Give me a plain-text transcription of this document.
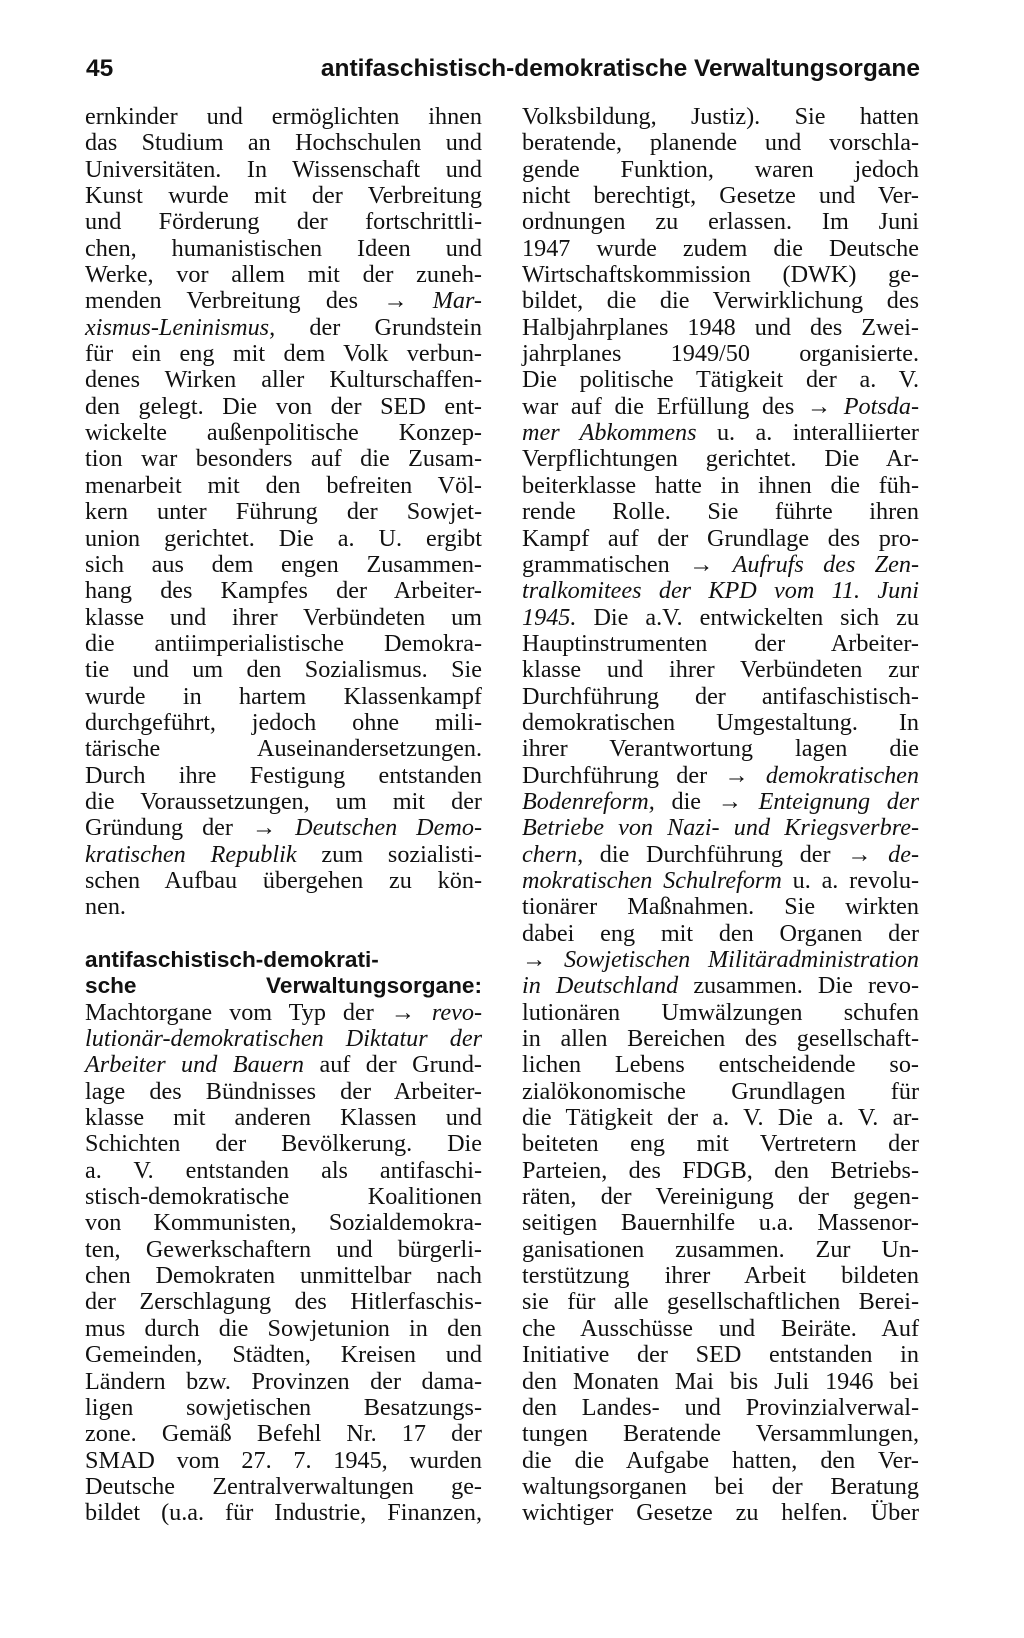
45	antifaschistisch-demokratische Verwaltungsorgane
ernkinder und ermöglichten ihnen
das Studium an Hochschulen und
Universitäten. In Wissenschaft und
Kunst wurde mit der Verbreitung
und Förderung der fortschrittli-
chen, humanistischen Ideen und
Werke, vor allem mit der zuneh-
menden Verbreitung des → Mar-
xismus-Leninismus, der Grundstein
für ein eng mit dem Volk verbun-
denes Wirken aller Kulturschaffen-
den gelegt. Die von der SED ent-
wickelte außenpolitische Konzep-
tion war besonders auf die Zusam-
menarbeit mit den befreiten Völ-
kern unter Führung der Sowjet-
union gerichtet. Die a. U. ergibt
sich aus dem engen Zusammen-
hang des Kampfes der Arbeiter-
klasse und ihrer Verbündeten um
die antiimperialistische Demokra-
tie und um den Sozialismus. Sie
wurde in hartem Klassenkampf
durchgeführt, jedoch ohne mili-
tärische Auseinandersetzungen.
Durch ihre Festigung entstanden
die Voraussetzungen, um mit der
Gründung der → Deutschen Demo-
kratischen Republik zum sozialisti-
schen Aufbau übergehen zu kön-
nen.
antifaschistisch-demokrati-
sche Verwaltungsorgane:
Machtorgane vom Typ der → revo-
lutionär-demokratischen Diktatur der
Arbeiter und Bauern auf der Grund-
lage des Bündnisses der Arbeiter-
klasse mit anderen Klassen und
Schichten der Bevölkerung. Die
a. V. entstanden als antifaschi-
stisch-demokratische Koalitionen
von Kommunisten, Sozialdemokra-
ten, Gewerkschaftern und bürgerli-
chen Demokraten unmittelbar nach
der Zerschlagung des Hitlerfaschis-
mus durch die Sowjetunion in den
Gemeinden, Städten, Kreisen und
Ländern bzw. Provinzen der dama-
ligen sowjetischen Besatzungs-
zone. Gemäß Befehl Nr. 17 der
SMAD vom 27. 7. 1945, wurden
Deutsche Zentralverwaltungen ge-
bildet (u.a. für Industrie, Finanzen,
Volksbildung, Justiz). Sie hatten
beratende, planende und vorschla-
gende Funktion, waren jedoch
nicht berechtigt, Gesetze und Ver-
ordnungen zu erlassen. Im Juni
1947 wurde zudem die Deutsche
Wirtschaftskommission (DWK) ge-
bildet, die die Verwirklichung des
Halbjahrplanes 1948 und des Zwei-
jahrplanes 1949/50 organisierte.
Die politische Tätigkeit der a. V.
war auf die Erfüllung des → Potsda-
mer Abkommens u. a. interalliierter
Verpflichtungen gerichtet. Die Ar-
beiterklasse hatte in ihnen die füh-
rende Rolle. Sie führte ihren
Kampf auf der Grundlage des pro-
grammatischen → Aufrufs des Zen-
tralkomitees der KPD vom 11. Juni
1945. Die a.V. entwickelten sich zu
Hauptinstrumenten der Arbeiter-
klasse und ihrer Verbündeten zur
Durchführung der antifaschistisch-
demokratischen Umgestaltung. In
ihrer Verantwortung lagen die
Durchführung der → demokratischen
Bodenreform, die → Enteignung der
Betriebe von Nazi- und Kriegsverbre-
chern, die Durchführung der → de-
mokratischen Schulreform u. a. revolu-
tionärer Maßnahmen. Sie wirkten
dabei eng mit den Organen der
→ Sowjetischen Militäradministration
in Deutschland zusammen. Die revo-
lutionären Umwälzungen schufen
in allen Bereichen des gesellschaft-
lichen Lebens entscheidende so-
zialökonomische Grundlagen für
die Tätigkeit der a. V. Die a. V. ar-
beiteten eng mit Vertretern der
Parteien, des FDGB, den Betriebs-
räten, der Vereinigung der gegen-
seitigen Bauernhilfe u.a. Massenor-
ganisationen zusammen. Zur Un-
terstützung ihrer Arbeit bildeten
sie für alle gesellschaftlichen Berei-
che Ausschüsse und Beiräte. Auf
Initiative der SED entstanden in
den Monaten Mai bis Juli 1946 bei
den Landes- und Provinzialverwal-
tungen Beratende Versammlungen,
die die Aufgabe hatten, den Ver-
waltungsorganen bei der Beratung
wichtiger Gesetze zu helfen. Über
